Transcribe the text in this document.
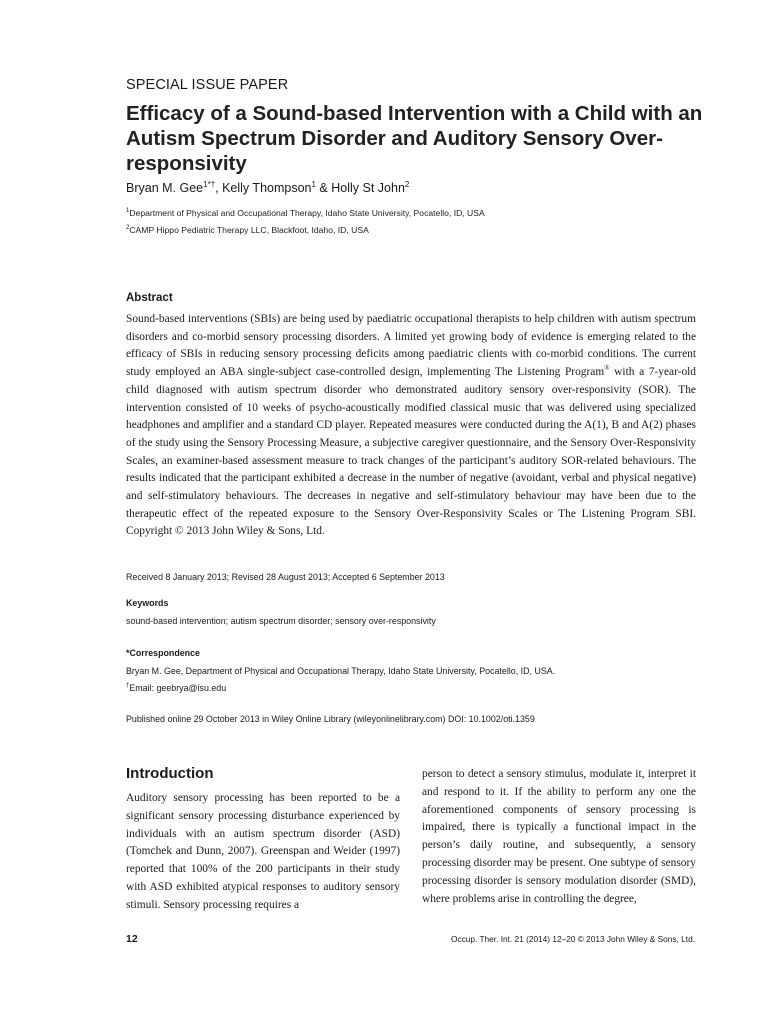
SPECIAL ISSUE PAPER
Efficacy of a Sound-based Intervention with a Child with an Autism Spectrum Disorder and Auditory Sensory Over-responsivity
Bryan M. Gee$^{1*\dagger}$, Kelly Thompson$^1$ & Holly St John$^2$
$^1$Department of Physical and Occupational Therapy, Idaho State University, Pocatello, ID, USA
$^2$CAMP Hippo Pediatric Therapy LLC, Blackfoot, Idaho, ID, USA
Abstract
Sound-based interventions (SBIs) are being used by paediatric occupational therapists to help children with autism spectrum disorders and co-morbid sensory processing disorders. A limited yet growing body of evidence is emerging related to the efficacy of SBIs in reducing sensory processing deficits among paediatric clients with co-morbid conditions. The current study employed an ABA single-subject case-controlled design, implementing The Listening Program® with a 7-year-old child diagnosed with autism spectrum disorder who demonstrated auditory sensory over-responsivity (SOR). The intervention consisted of 10 weeks of psycho-acoustically modified classical music that was delivered using specialized headphones and amplifier and a standard CD player. Repeated measures were conducted during the A(1), B and A(2) phases of the study using the Sensory Processing Measure, a subjective caregiver questionnaire, and the Sensory Over-Responsivity Scales, an examiner-based assessment measure to track changes of the participant’s auditory SOR-related behaviours. The results indicated that the participant exhibited a decrease in the number of negative (avoidant, verbal and physical negative) and self-stimulatory behaviours. The decreases in negative and self-stimulatory behaviour may have been due to the therapeutic effect of the repeated exposure to the Sensory Over-Responsivity Scales or The Listening Program SBI. Copyright © 2013 John Wiley & Sons, Ltd.
Received 8 January 2013; Revised 28 August 2013; Accepted 6 September 2013
Keywords
sound-based intervention; autism spectrum disorder; sensory over-responsivity
*Correspondence
Bryan M. Gee, Department of Physical and Occupational Therapy, Idaho State University, Pocatello, ID, USA.
†Email: geebrya@isu.edu
Published online 29 October 2013 in Wiley Online Library (wileyonlinelibrary.com) DOI: 10.1002/oti.1359
Introduction
Auditory sensory processing has been reported to be a significant sensory processing disturbance experienced by individuals with an autism spectrum disorder (ASD) (Tomchek and Dunn, 2007). Greenspan and Weider (1997) reported that 100% of the 200 participants in their study with ASD exhibited atypical responses to auditory sensory stimuli. Sensory processing requires a
person to detect a sensory stimulus, modulate it, interpret it and respond to it. If the ability to perform any one the aforementioned components of sensory processing is impaired, there is typically a functional impact in the person’s daily routine, and subsequently, a sensory processing disorder may be present. One subtype of sensory processing disorder is sensory modulation disorder (SMD), where problems arise in controlling the degree,
12	Occup. Ther. Int. 21 (2014) 12–20 © 2013 John Wiley & Sons, Ltd.
